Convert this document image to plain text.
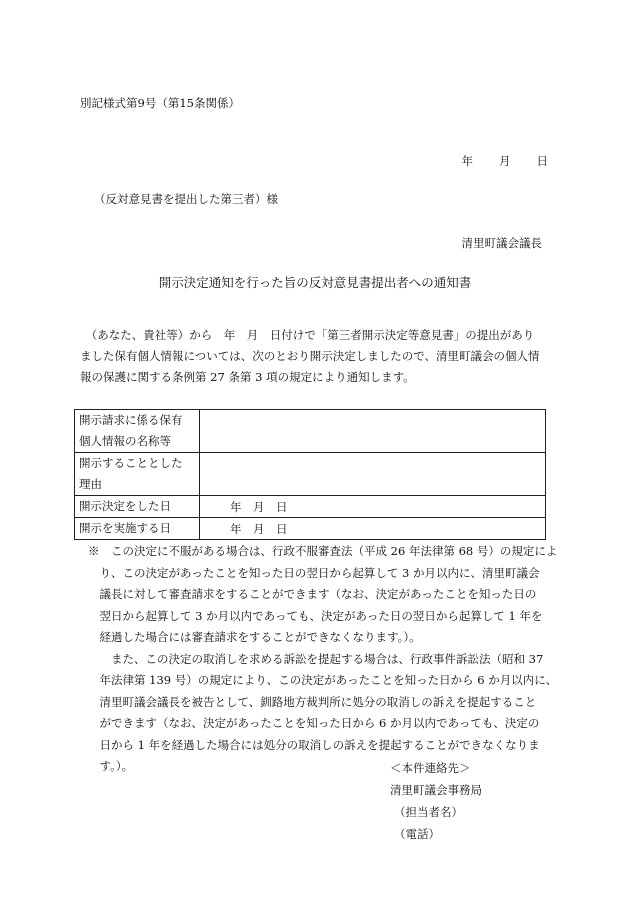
別記様式第9号（第15条関係）
年 月 日
（反対意見書を提出した第三者）様
清里町議会議長
開示決定通知を行った旨の反対意見書提出者への通知書
　（あなた、貴社等）から　年　月　日付けで「第三者開示決定等意見書」の提出があり
ました保有個人情報については、次のとおり開示決定しましたので、清里町議会の個人情
報の保護に関する条例第 27 条第 3 項の規定により通知します。
開示請求に係る保有
個人情報の名称等	

開示することとした
理由	

開示決定をした日	年　月　日
開示を実施する日	年　月　日
※　この決定に不服がある場合は、行政不服審査法（平成 26 年法律第 68 号）の規定によ
　り、この決定があったことを知った日の翌日から起算して 3 か月以内に、清里町議会
　議長に対して審査請求をすることができます（なお、決定があったことを知った日の
　翌日から起算して 3 か月以内であっても、決定があった日の翌日から起算して 1 年を
　経過した場合には審査請求をすることができなくなります。）。
　　また、この決定の取消しを求める訴訟を提起する場合は、行政事件訴訟法（昭和 37
　年法律第 139 号）の規定により、この決定があったことを知った日から 6 か月以内に、
　清里町議会議長を被告として、釧路地方裁判所に処分の取消しの訴えを提起すること
　ができます（なお、決定があったことを知った日から 6 か月以内であっても、決定の
　日から 1 年を経過した場合には処分の取消しの訴えを提起することができなくなりま
　す。）。	＜本件連絡先＞
清里町議会事務局
（担当者名）
（電話）
